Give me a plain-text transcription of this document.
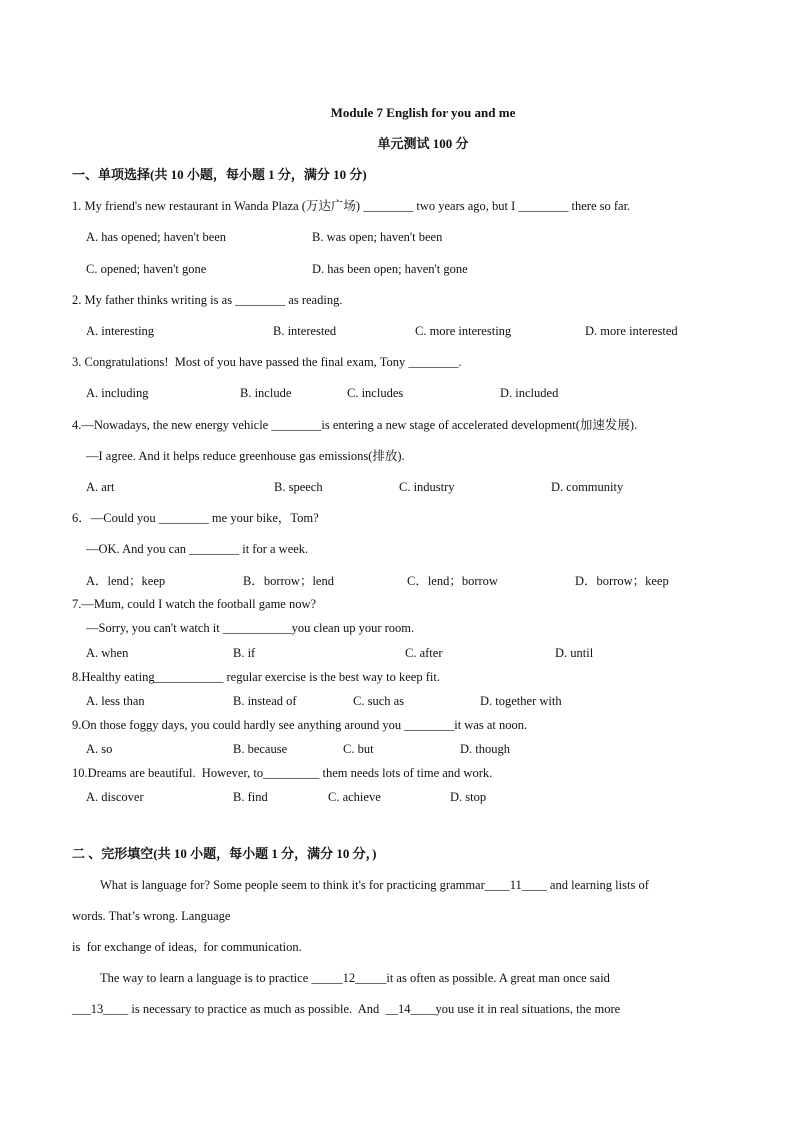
Module 7 English for you and me
单元测试 100 分
一、单项选择(共 10 小题，每小题 1 分，满分 10 分)
1. My friend's new restaurant in Wanda Plaza (万达广场) ________ two years ago, but I ________ there so far.
A. has opened; haven't been	B. was open; haven't been
C. opened; haven't gone	D. has been open; haven't gone
2. My father thinks writing is as ________ as reading.
A. interesting	B. interested	C. more interesting	D. more interested
3. Congratulations!  Most of you have passed the final exam, Tony ________.
A. including	B. include	C. includes	D. included
4.—Nowadays, the new energy vehicle ________is entering a new stage of accelerated development(加速发展).
—I agree. And it helps reduce greenhouse gas emissions(排放).
A. art	B. speech	C. industry	D. community
6．—Could you ________ me your bike，Tom?
—OK. And you can ________ it for a week.
A．lend；keep	B．borrow；lend	C．lend；borrow	D．borrow；keep
7.—Mum, could I watch the football game now?
—Sorry, you can't watch it ___________you clean up your room.
A. when	B. if	C. after	D. until
8.Healthy eating___________ regular exercise is the best way to keep fit.
A. less than	B. instead of	C. such as	D. together with
9.On those foggy days, you could hardly see anything around you ________it was at noon.
A. so	B. because	C. but	D. though
10.Dreams are beautiful.  However, to_________ them needs lots of time and work.
A. discover	B. find	C. achieve	D. stop
二 、完形填空(共 10 小题，每小题 1 分，满分 10 分，)
What is language for? Some people seem to think it's for practicing grammar____11____ and learning lists of
words. That’s wrong. Language
is  for exchange of ideas,  for communication.
The way to learn a language is to practice _____12_____it as often as possible. A great man once said
___13____ is necessary to practice as much as possible.  And  __14____you use it in real situations, the more
